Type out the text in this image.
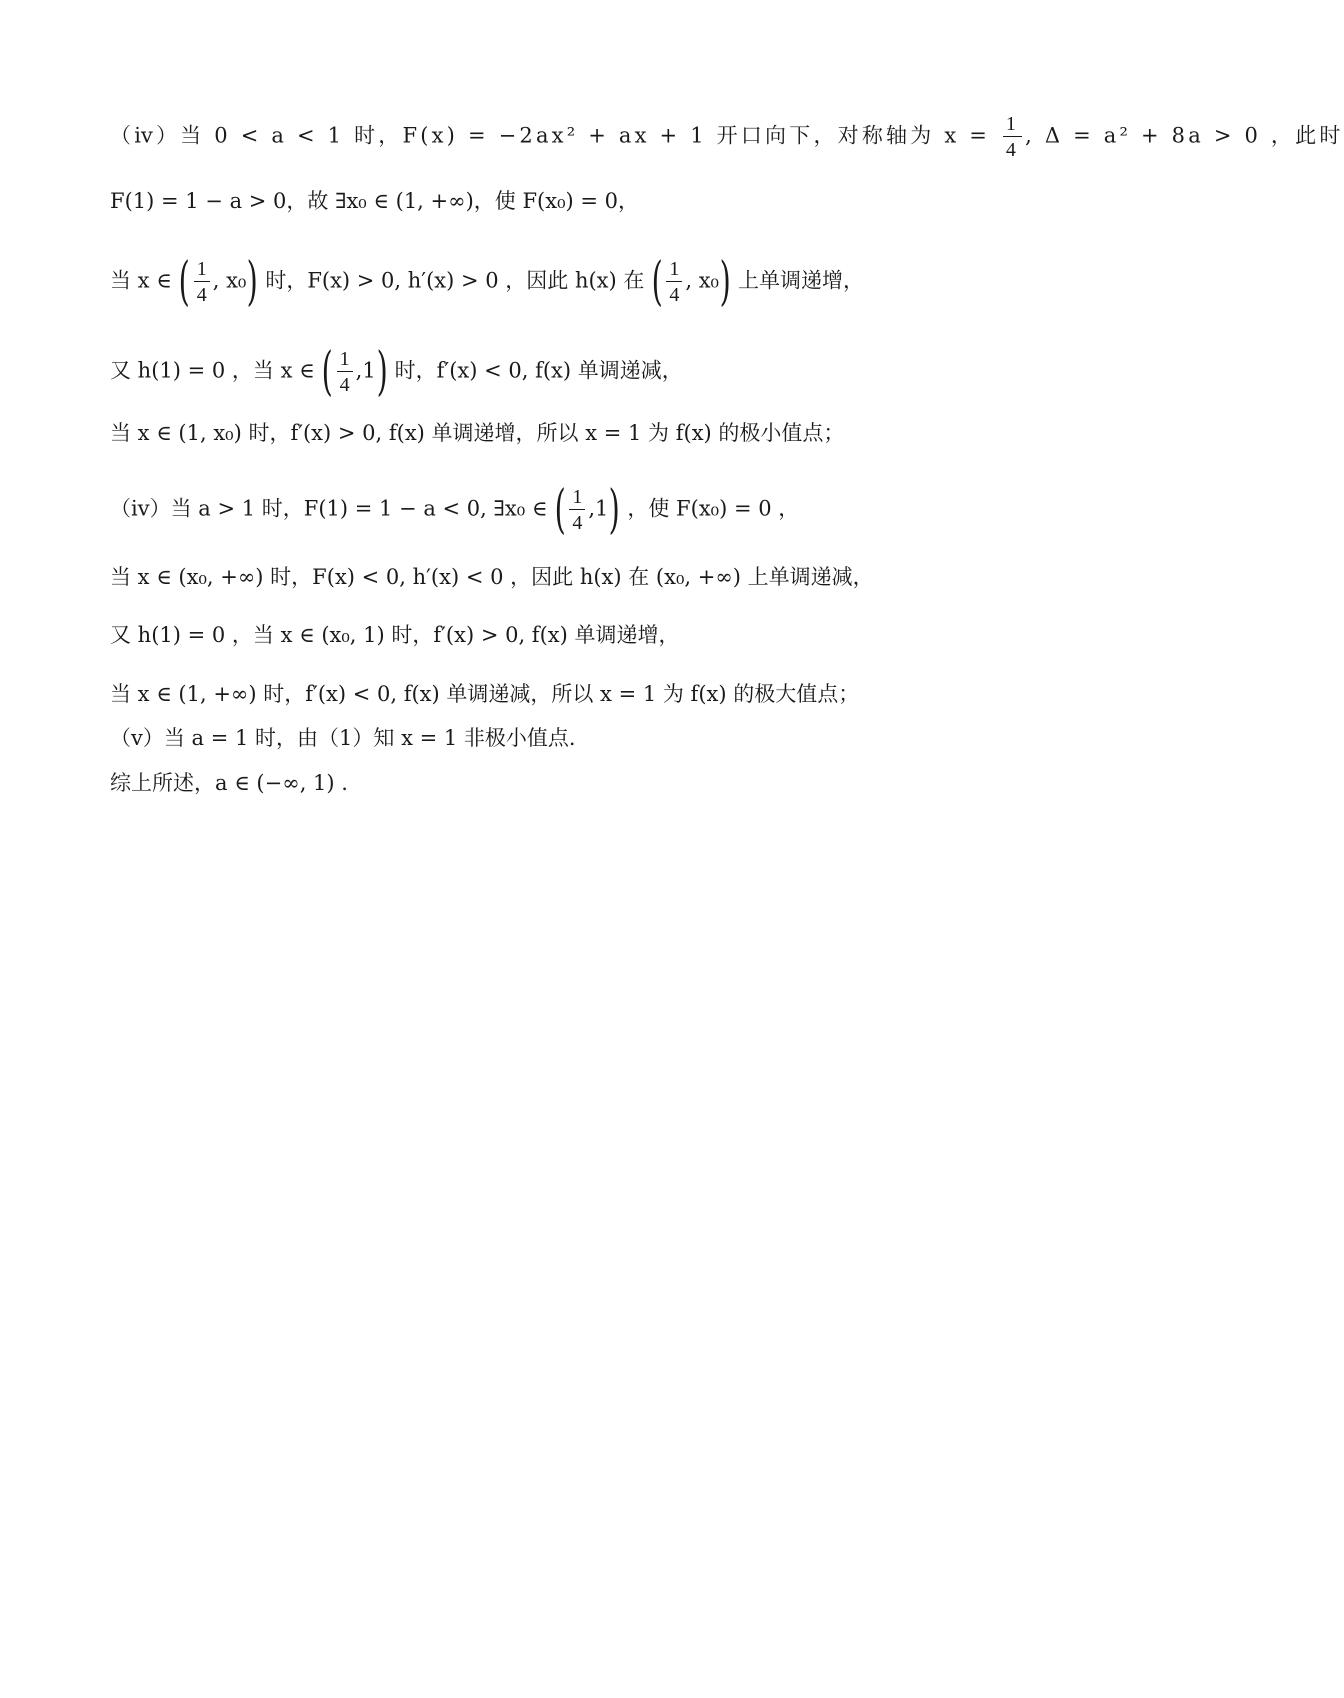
（ⅳ）当 0 < a < 1 时，F(x) = −2ax² + ax + 1 开口向下，对称轴为 $x = \frac{1}{4}$ , Δ = a² + 8a > 0 ，此时
F(1) = 1 − a > 0，故 ∃x₀ ∈ (1, +∞)，使 F(x₀) = 0，
当 x ∈ ( $\frac{1}{4}$ , x₀) 时，F(x) > 0, h′(x) > 0 ，因此 h(x) 在 ( $\frac{1}{4}$ , x₀) 上单调递增，
又 h(1) = 0 ，当 x ∈ ( $\frac{1}{4} ,1$) 时，f′(x) < 0, f(x) 单调递减，
当 x ∈ (1, x₀) 时，f′(x) > 0, f(x) 单调递增，所以 x = 1 为 f(x) 的极小值点；
（ⅳ）当 a > 1 时，F(1) = 1 − a < 0, ∃x₀ ∈ ( $\frac{1}{4} ,1$) ，使 F(x₀) = 0 ，
当 x ∈ (x₀, +∞) 时，F(x) < 0, h′(x) < 0 ，因此 h(x) 在 (x₀, +∞) 上单调递减，
又 h(1) = 0 ，当 x ∈ (x₀, 1) 时，f′(x) > 0, f(x) 单调递增，
当 x ∈ (1, +∞) 时，f′(x) < 0, f(x) 单调递减，所以 x = 1 为 f(x) 的极大值点；
（ⅴ）当 a = 1 时，由（1）知 x = 1 非极小值点.
综上所述，a ∈ (−∞, 1) .
